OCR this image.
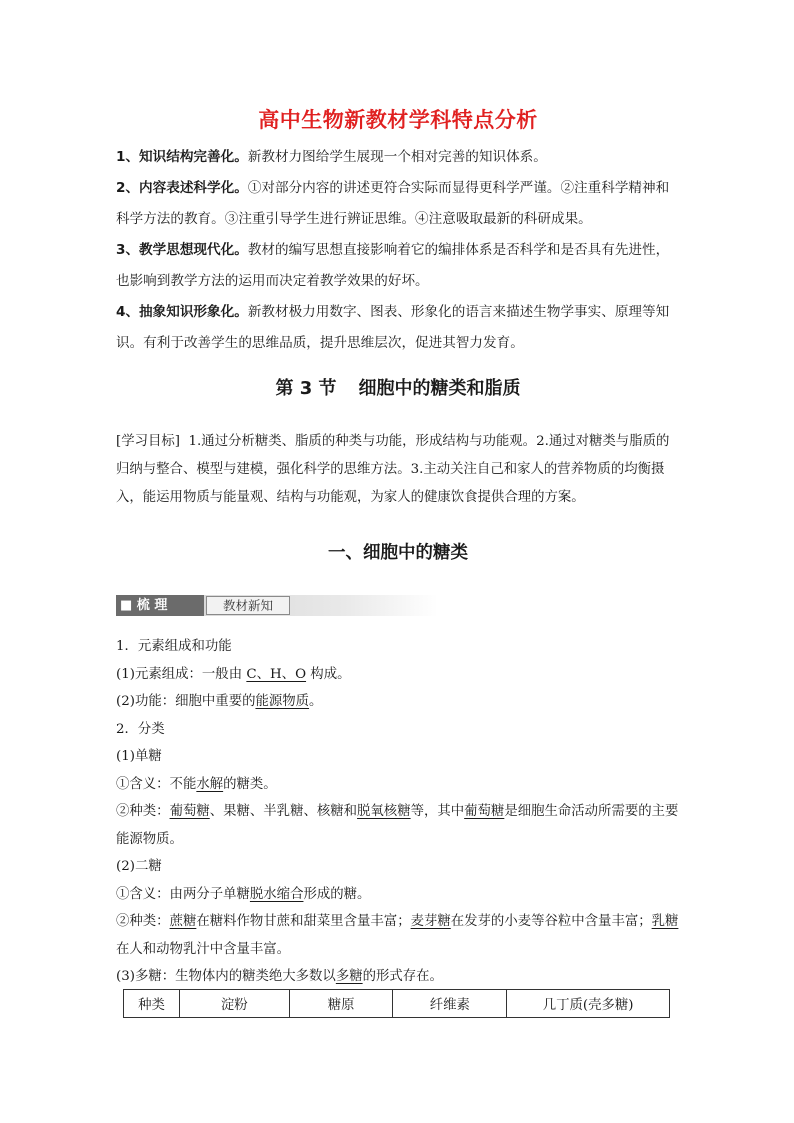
高中生物新教材学科特点分析

1、知识结构完善化。新教材力图给学生展现一个相对完善的知识体系。

2、内容表述科学化。①对部分内容的讲述更符合实际而显得更科学严谨。②注重科学精神和科学方法的教育。③注重引导学生进行辨证思维。④注意吸取最新的科研成果。

3、教学思想现代化。教材的编写思想直接影响着它的编排体系是否科学和是否具有先进性，也影响到教学方法的运用而决定着教学效果的好坏。

4、抽象知识形象化。新教材极力用数字、图表、形象化的语言来描述生物学事实、原理等知识。有利于改善学生的思维品质，提升思维层次，促进其智力发育。

第 3 节 细胞中的糖类和脂质

[学习目标] 1.通过分析糖类、脂质的种类与功能，形成结构与功能观。2.通过对糖类与脂质的归纳与整合、模型与建模，强化科学的思维方法。3.主动关注自己和家人的营养物质的均衡摄入，能运用物质与能量观、结构与功能观，为家人的健康饮食提供合理的方案。

一、细胞中的糖类
■ 梳 理	教材新知

1．元素组成和功能

(1)元素组成：一般由 C、H、O 构成。

(2)功能：细胞中重要的能源物质。

2．分类

(1)单糖

①含义：不能水解的糖类。

②种类：葡萄糖、果糖、半乳糖、核糖和脱氧核糖等，其中葡萄糖是细胞生命活动所需要的主要能源物质。

(2)二糖

①含义：由两分子单糖脱水缩合形成的糖。

②种类：蔗糖在糖料作物甘蔗和甜菜里含量丰富；麦芽糖在发芽的小麦等谷粒中含量丰富；乳糖在人和动物乳汁中含量丰富。

(3)多糖：生物体内的糖类绝大多数以多糖的形式存在。

种类	淀粉	糖原	纤维素	几丁质(壳多糖)
